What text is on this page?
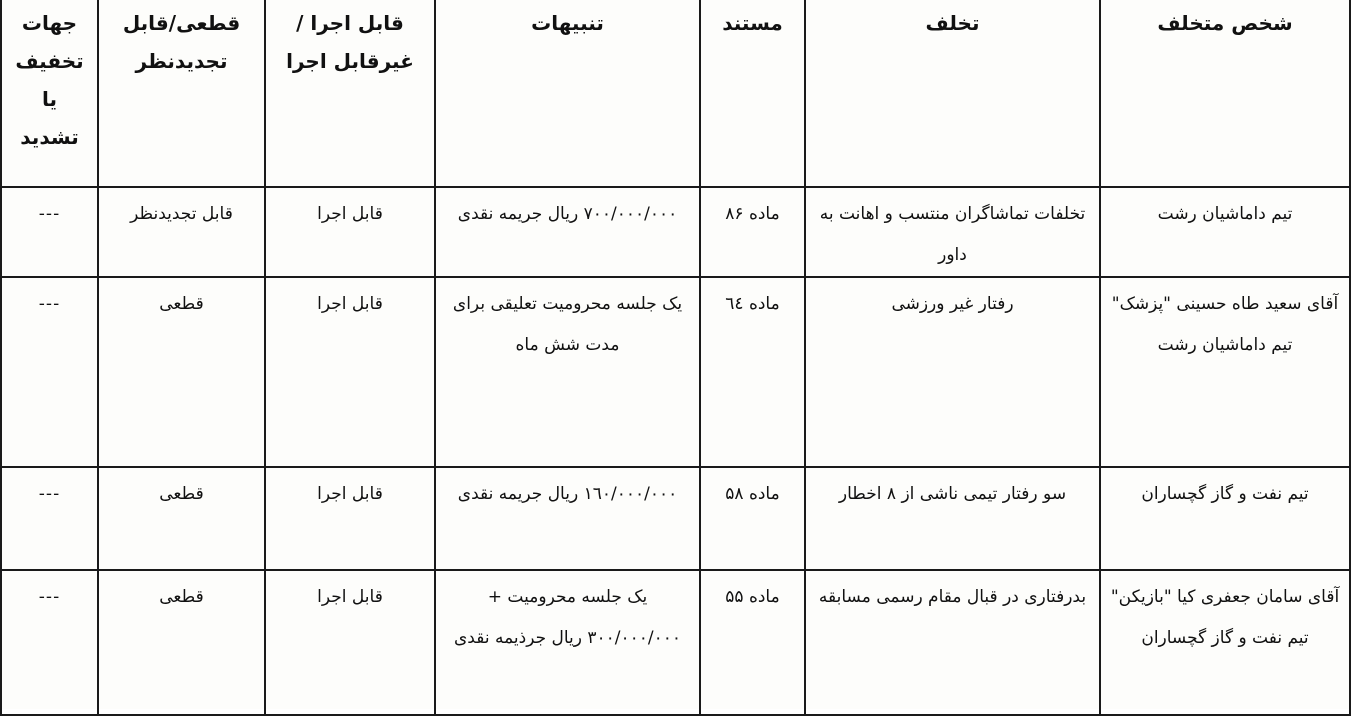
شخص متخلف	تخلف	مستند	تنبیهات	قابل اجرا /غیرقابل اجرا	قطعی/قابل تجدیدنظر	جهات تخفیف یا تشدید

تیم داماشیان رشت	تخلفات تماشاگران منتسب و اهانت به داور	ماده ۸۶	۷۰۰/۰۰۰/۰۰۰ ریال جریمه نقدی	قابل اجرا	قابل تجدیدنظر	---

آقای سعید طاه حسینی "پزشک" تیم داماشیان رشت	رفتار غیر ورزشی	ماده ٦٤	یک جلسه محرومیت تعلیقی برای مدت شش ماه	قابل اجرا	قطعی	---

تیم نفت و گاز گچساران	سو رفتار تیمی ناشی از ۸ اخطار	ماده ۵۸	۱٦۰/۰۰۰/۰۰۰ ریال جریمه نقدی	قابل اجرا	قطعی	---

آقای سامان جعفری کیا "بازیکن" تیم نفت و گاز گچساران	بدرفتاری در قبال مقام رسمی مسابقه	ماده ۵۵	یک جلسه محرومیت + ۳۰۰/۰۰۰/۰۰۰ ریال جرذیمه نقدی	قابل اجرا	قطعی	---
